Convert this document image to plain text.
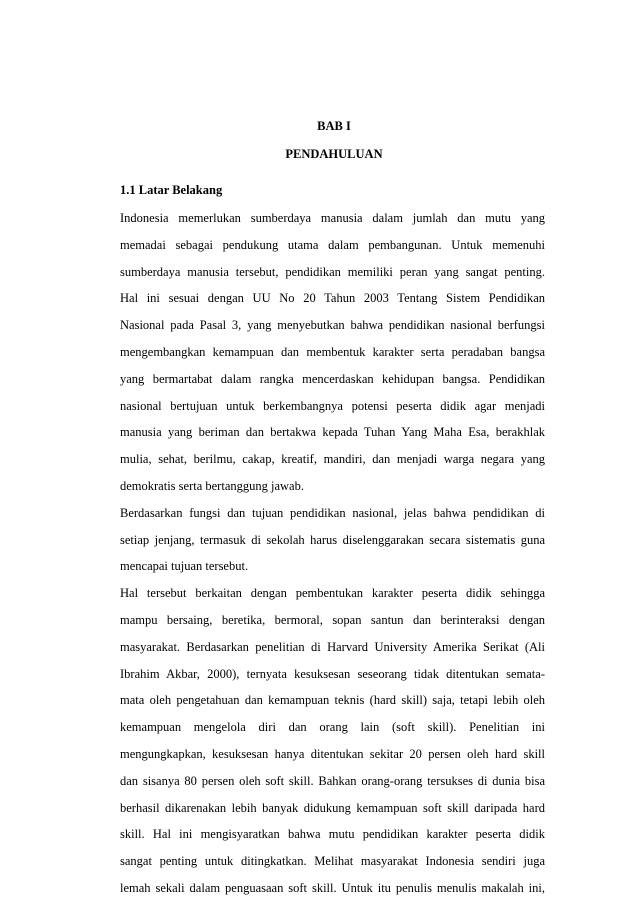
BAB I
PENDAHULUAN
1.1 Latar Belakang
Indonesia memerlukan sumberdaya manusia dalam jumlah dan mutu yang
memadai sebagai pendukung utama dalam pembangunan. Untuk memenuhi
sumberdaya manusia tersebut, pendidikan memiliki peran yang sangat penting.
Hal ini sesuai dengan UU No 20 Tahun 2003 Tentang Sistem Pendidikan
Nasional pada Pasal 3, yang menyebutkan bahwa pendidikan nasional berfungsi
mengembangkan kemampuan dan membentuk karakter serta peradaban bangsa
yang bermartabat dalam rangka mencerdaskan kehidupan bangsa. Pendidikan
nasional bertujuan untuk berkembangnya potensi peserta didik agar menjadi
manusia yang beriman dan bertakwa kepada Tuhan Yang Maha Esa, berakhlak
mulia, sehat, berilmu, cakap, kreatif, mandiri, dan menjadi warga negara yang
demokratis serta bertanggung jawab.
Berdasarkan fungsi dan tujuan pendidikan nasional, jelas bahwa pendidikan di
setiap jenjang, termasuk di sekolah harus diselenggarakan secara sistematis guna
mencapai tujuan tersebut.
Hal tersebut berkaitan dengan pembentukan karakter peserta didik sehingga
mampu bersaing, beretika, bermoral, sopan santun dan berinteraksi dengan
masyarakat. Berdasarkan penelitian di Harvard University Amerika Serikat (Ali
Ibrahim Akbar, 2000), ternyata kesuksesan seseorang tidak ditentukan semata-
mata oleh pengetahuan dan kemampuan teknis (hard skill) saja, tetapi lebih oleh
kemampuan mengelola diri dan orang lain (soft skill). Penelitian ini
mengungkapkan, kesuksesan hanya ditentukan sekitar 20 persen oleh hard skill
dan sisanya 80 persen oleh soft skill. Bahkan orang-orang tersukses di dunia bisa
berhasil dikarenakan lebih banyak didukung kemampuan soft skill daripada hard
skill. Hal ini mengisyaratkan bahwa mutu pendidikan karakter peserta didik
sangat penting untuk ditingkatkan. Melihat masyarakat Indonesia sendiri juga
lemah sekali dalam penguasaan soft skill. Untuk itu penulis menulis makalah ini,
